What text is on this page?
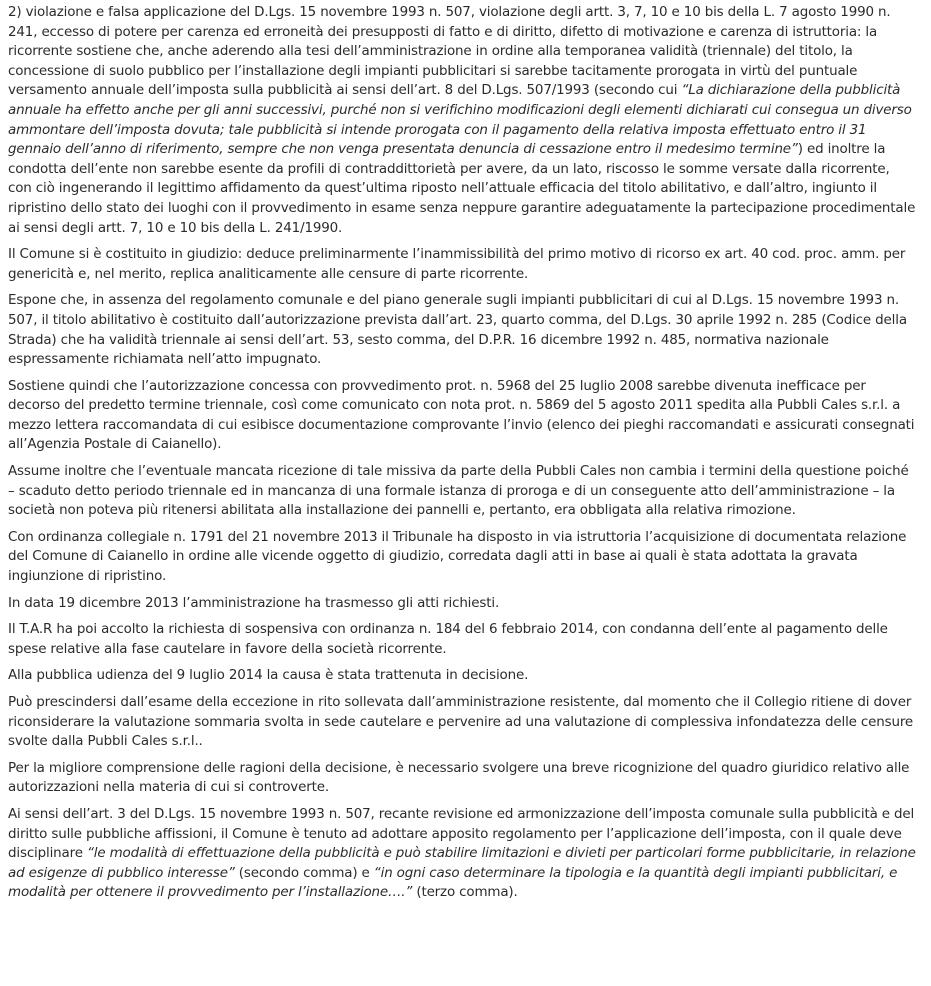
2) violazione e falsa applicazione del D.Lgs. 15 novembre 1993 n. 507, violazione degli artt. 3, 7, 10 e 10 bis della L. 7 agosto 1990 n. 241, eccesso di potere per carenza ed erroneità dei presupposti di fatto e di diritto, difetto di motivazione e carenza di istruttoria: la ricorrente sostiene che, anche aderendo alla tesi dell’amministrazione in ordine alla temporanea validità (triennale) del titolo, la concessione di suolo pubblico per l’installazione degli impianti pubblicitari si sarebbe tacitamente prorogata in virtù del puntuale versamento annuale dell’imposta sulla pubblicità ai sensi dell’art. 8 del D.Lgs. 507/1993 (secondo cui “La dichiarazione della pubblicità annuale ha effetto anche per gli anni successivi, purché non si verifichino modificazioni degli elementi dichiarati cui consegua un diverso ammontare dell’imposta dovuta; tale pubblicità si intende prorogata con il pagamento della relativa imposta effettuato entro il 31 gennaio dell’anno di riferimento, sempre che non venga presentata denuncia di cessazione entro il medesimo termine”) ed inoltre la condotta dell’ente non sarebbe esente da profili di contraddittorietà per avere, da un lato, riscosso le somme versate dalla ricorrente, con ciò ingenerando il legittimo affidamento da quest’ultima riposto nell’attuale efficacia del titolo abilitativo, e dall’altro, ingiunto il ripristino dello stato dei luoghi con il provvedimento in esame senza neppure garantire adeguatamente la partecipazione procedimentale ai sensi degli artt. 7, 10 e 10 bis della L. 241/1990.

Il Comune si è costituito in giudizio: deduce preliminarmente l’inammissibilità del primo motivo di ricorso ex art. 40 cod. proc. amm. per genericità e, nel merito, replica analiticamente alle censure di parte ricorrente.

Espone che, in assenza del regolamento comunale e del piano generale sugli impianti pubblicitari di cui al D.Lgs. 15 novembre 1993 n. 507, il titolo abilitativo è costituito dall’autorizzazione prevista dall’art. 23, quarto comma, del D.Lgs. 30 aprile 1992 n. 285 (Codice della Strada) che ha validità triennale ai sensi dell’art. 53, sesto comma, del D.P.R. 16 dicembre 1992 n. 485, normativa nazionale espressamente richiamata nell’atto impugnato.

Sostiene quindi che l’autorizzazione concessa con provvedimento prot. n. 5968 del 25 luglio 2008 sarebbe divenuta inefficace per decorso del predetto termine triennale, così come comunicato con nota prot. n. 5869 del 5 agosto 2011 spedita alla Pubbli Cales s.r.l. a mezzo lettera raccomandata di cui esibisce documentazione comprovante l’invio (elenco dei pieghi raccomandati e assicurati consegnati all’Agenzia Postale di Caianello).

Assume inoltre che l’eventuale mancata ricezione di tale missiva da parte della Pubbli Cales non cambia i termini della questione poiché – scaduto detto periodo triennale ed in mancanza di una formale istanza di proroga e di un conseguente atto dell’amministrazione – la società non poteva più ritenersi abilitata alla installazione dei pannelli e, pertanto, era obbligata alla relativa rimozione.

Con ordinanza collegiale n. 1791 del 21 novembre 2013 il Tribunale ha disposto in via istruttoria l’acquisizione di documentata relazione del Comune di Caianello in ordine alle vicende oggetto di giudizio, corredata dagli atti in base ai quali è stata adottata la gravata ingiunzione di ripristino.

In data 19 dicembre 2013 l’amministrazione ha trasmesso gli atti richiesti.

Il T.A.R ha poi accolto la richiesta di sospensiva con ordinanza n. 184 del 6 febbraio 2014, con condanna dell’ente al pagamento delle spese relative alla fase cautelare in favore della società ricorrente.

Alla pubblica udienza del 9 luglio 2014 la causa è stata trattenuta in decisione.

Può prescindersi dall’esame della eccezione in rito sollevata dall’amministrazione resistente, dal momento che il Collegio ritiene di dover riconsiderare la valutazione sommaria svolta in sede cautelare e pervenire ad una valutazione di complessiva infondatezza delle censure svolte dalla Pubbli Cales s.r.l..

Per la migliore comprensione delle ragioni della decisione, è necessario svolgere una breve ricognizione del quadro giuridico relativo alle autorizzazioni nella materia di cui si controverte.

Ai sensi dell’art. 3 del D.Lgs. 15 novembre 1993 n. 507, recante revisione ed armonizzazione dell’imposta comunale sulla pubblicità e del diritto sulle pubbliche affissioni, il Comune è tenuto ad adottare apposito regolamento per l’applicazione dell’imposta, con il quale deve disciplinare “le modalità di effettuazione della pubblicità e può stabilire limitazioni e divieti per particolari forme pubblicitarie, in relazione ad esigenze di pubblico interesse” (secondo comma) e “in ogni caso determinare la tipologia e la quantità degli impianti pubblicitari, e modalità per ottenere il provvedimento per l’installazione….” (terzo comma).
